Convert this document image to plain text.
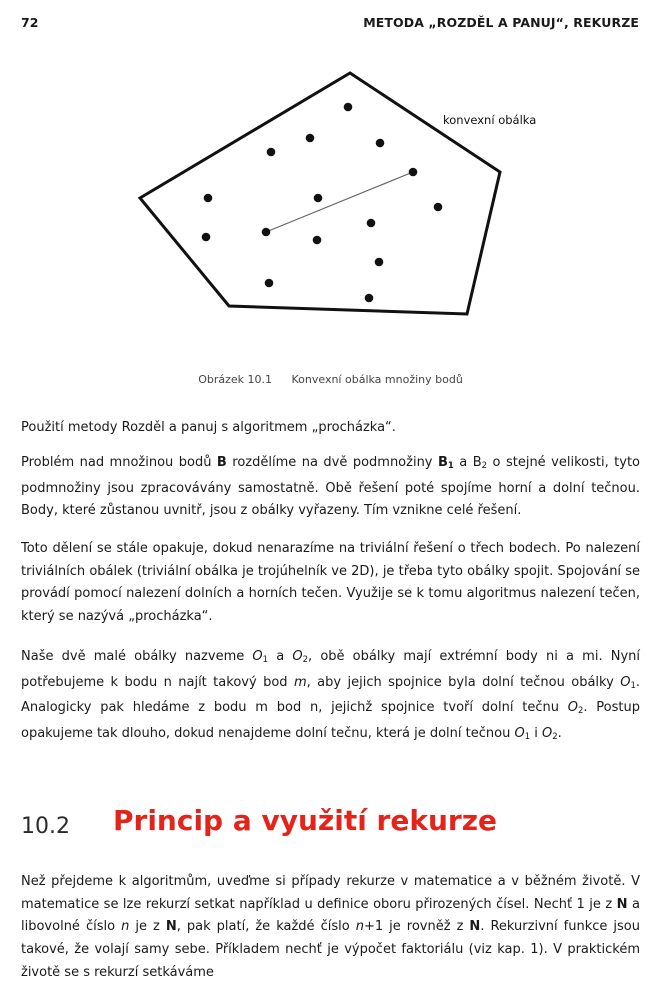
72	METODA „ROZDĚL A PANUJ“, REKURZE
konvexní obálka
Obrázek 10.1 Konvexní obálka množiny bodů

Použití metody Rozděl a panuj s algoritmem „procházka“.

Problém nad množinou bodů B rozdělíme na dvě podmnožiny $B_1$ a $B_2$ o stejné velikosti, tyto podmnožiny jsou zpracovávány samostatně. Obě řešení poté spojíme horní a dolní tečnou. Body, které zůstanou uvnitř, jsou z obálky vyřazeny. Tím vznikne celé řešení.

Toto dělení se stále opakuje, dokud nenarazíme na triviální řešení o třech bodech. Po nalezení triviálních obálek (triviální obálka je trojúhelník ve 2D), je třeba tyto obálky spojit. Spojování se provádí pomocí nalezení dolních a horních tečen. Využije se k tomu algoritmus nalezení tečen, který se nazývá „procházka“.

Naše dvě malé obálky nazveme $O_1$ a $O_2$, obě obálky mají extrémní body ni a mi. Nyní potřebujeme k bodu n najít takový bod m, aby jejich spojnice byla dolní tečnou obálky $O_1$. Analogicky pak hledáme z bodu m bod n, jejichž spojnice tvoří dolní tečnu $O_2$. Postup opakujeme tak dlouho, dokud nenajdeme dolní tečnu, která je dolní tečnou $O_1$ i $O_2$.

10.2 Princip a využití rekurze

Než přejdeme k algoritmům, uveďme si případy rekurze v matematice a v běžném životě. V matematice se lze rekurzí setkat například u definice oboru přirozených čísel. Nechť 1 je z N a libovolné číslo n je z N, pak platí, že každé číslo n+1 je rovněž z N. Rekurzivní funkce jsou takové, že volají samy sebe. Příkladem nechť je výpočet faktoriálu (viz kap. 1). V praktickém životě se s rekurzí setkáváme
